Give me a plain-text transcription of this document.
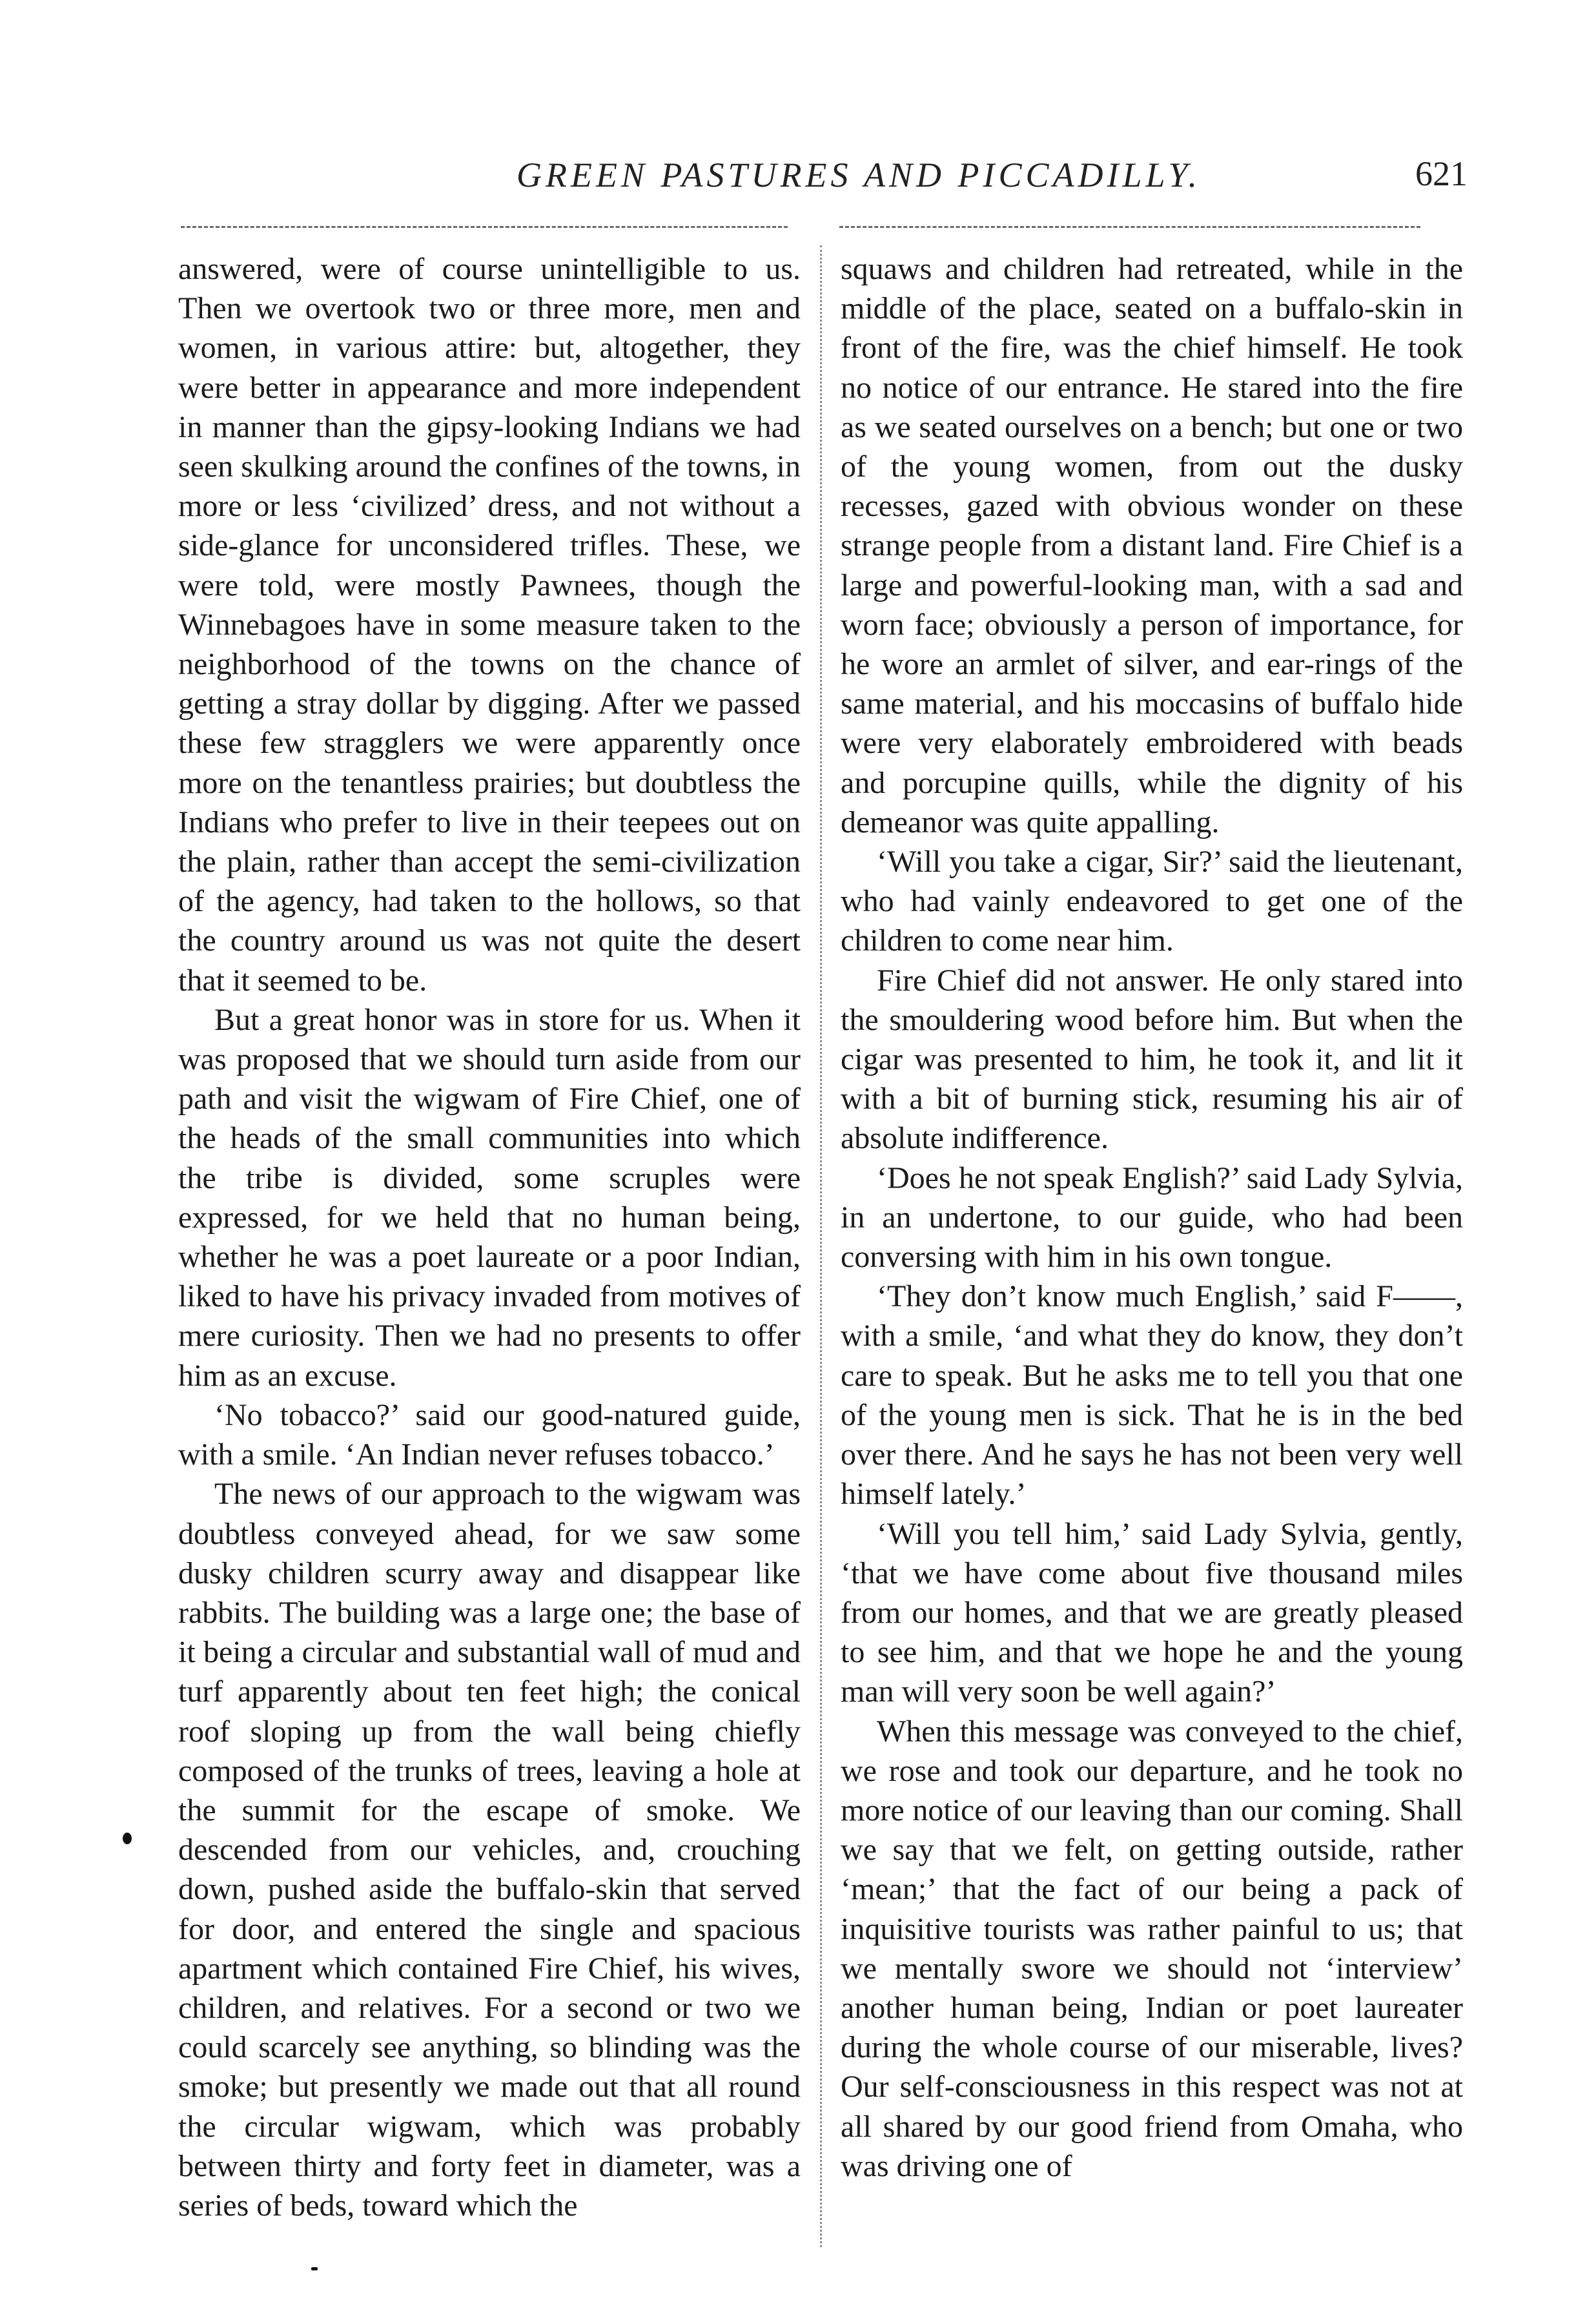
GREEN PASTURES AND PICCADILLY.	621

answered, were of course unintelligible to us. Then we overtook two or three more, men and women, in various attire: but, altogether, they were better in appearance and more independent in manner than the gipsy-looking Indians we had seen skulking around the confines of the towns, in more or less ‘civilized’ dress, and not without a side-glance for unconsidered trifles. These, we were told, were mostly Pawnees, though the Winnebagoes have in some measure taken to the neighborhood of the towns on the chance of getting a stray dollar by digging. After we passed these few stragglers we were apparently once more on the tenantless prairies; but doubtless the Indians who prefer to live in their teepees out on the plain, rather than accept the semi-civilization of the agency, had taken to the hollows, so that the country around us was not quite the desert that it seemed to be.

But a great honor was in store for us. When it was proposed that we should turn aside from our path and visit the wigwam of Fire Chief, one of the heads of the small communities into which the tribe is divided, some scruples were expressed, for we held that no human being, whether he was a poet laureate or a poor Indian, liked to have his privacy invaded from motives of mere curiosity. Then we had no presents to offer him as an excuse.

‘No tobacco?’ said our good-natured guide, with a smile. ‘An Indian never refuses tobacco.’

The news of our approach to the wigwam was doubtless conveyed ahead, for we saw some dusky children scurry away and disappear like rabbits. The building was a large one; the base of it being a circular and substantial wall of mud and turf apparently about ten feet high; the conical roof sloping up from the wall being chiefly composed of the trunks of trees, leaving a hole at the summit for the escape of smoke. We descended from our vehicles, and, crouching down, pushed aside the buffalo-skin that served for door, and entered the single and spacious apartment which contained Fire Chief, his wives, children, and relatives. For a second or two we could scarcely see anything, so blinding was the smoke; but presently we made out that all round the circular wigwam, which was probably between thirty and forty feet in diameter, was a series of beds, toward which the

squaws and children had retreated, while in the middle of the place, seated on a buffalo-skin in front of the fire, was the chief himself. He took no notice of our entrance. He stared into the fire as we seated ourselves on a bench; but one or two of the young women, from out the dusky recesses, gazed with obvious wonder on these strange people from a distant land. Fire Chief is a large and powerful-looking man, with a sad and worn face; obviously a person of importance, for he wore an armlet of silver, and ear-rings of the same material, and his moccasins of buffalo hide were very elaborately embroidered with beads and porcupine quills, while the dignity of his demeanor was quite appalling.

‘Will you take a cigar, Sir?’ said the lieutenant, who had vainly endeavored to get one of the children to come near him.

Fire Chief did not answer. He only stared into the smouldering wood before him. But when the cigar was presented to him, he took it, and lit it with a bit of burning stick, resuming his air of absolute indifference.

‘Does he not speak English?’ said Lady Sylvia, in an undertone, to our guide, who had been conversing with him in his own tongue.

‘They don’t know much English,’ said F——, with a smile, ‘and what they do know, they don’t care to speak. But he asks me to tell you that one of the young men is sick. That he is in the bed over there. And he says he has not been very well himself lately.’

‘Will you tell him,’ said Lady Sylvia, gently, ‘that we have come about five thousand miles from our homes, and that we are greatly pleased to see him, and that we hope he and the young man will very soon be well again?’

When this message was conveyed to the chief, we rose and took our departure, and he took no more notice of our leaving than our coming. Shall we say that we felt, on getting outside, rather ‘mean;’ that the fact of our being a pack of inquisitive tourists was rather painful to us; that we mentally swore we should not ‘interview’ another human being, Indian or poet laureater during the whole course of our miserable, lives? Our self-consciousness in this respect was not at all shared by our good friend from Omaha, who was driving one of
